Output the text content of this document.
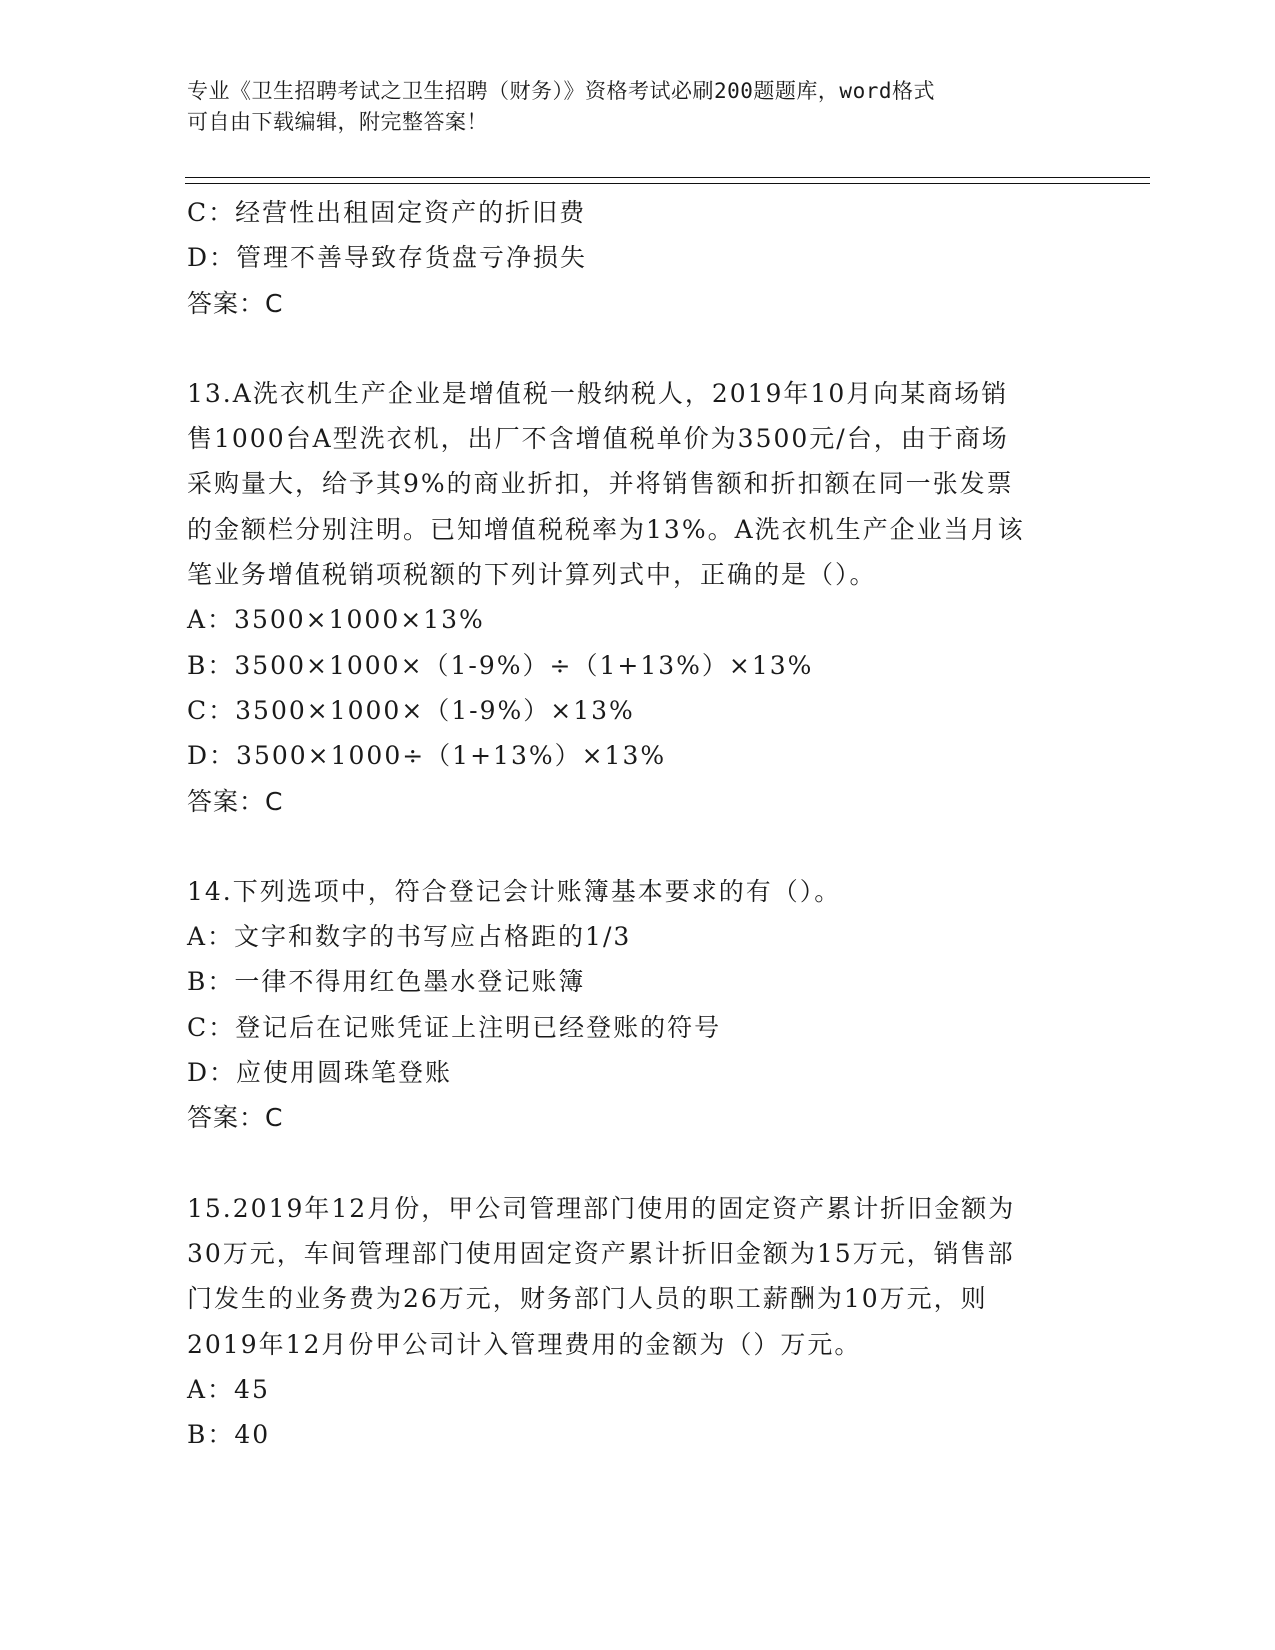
专业《卫生招聘考试之卫生招聘（财务）》资格考试必刷200题题库，word格式
可自由下载编辑，附完整答案！
C：经营性出租固定资产的折旧费
D：管理不善导致存货盘亏净损失
答案：C
13.A洗衣机生产企业是增值税一般纳税人，2019年10月向某商场销
售1000台A型洗衣机，出厂不含增值税单价为3500元/台，由于商场
采购量大，给予其9%的商业折扣，并将销售额和折扣额在同一张发票
的金额栏分别注明。已知增值税税率为13%。A洗衣机生产企业当月该
笔业务增值税销项税额的下列计算列式中，正确的是（）。
A：3500×1000×13%
B：3500×1000×（1-9%）÷（1+13%）×13%
C：3500×1000×（1-9%）×13%
D：3500×1000÷（1+13%）×13%
答案：C
14.下列选项中，符合登记会计账簿基本要求的有（）。
A：文字和数字的书写应占格距的1/3
B：一律不得用红色墨水登记账簿
C：登记后在记账凭证上注明已经登账的符号
D：应使用圆珠笔登账
答案：C
15.2019年12月份，甲公司管理部门使用的固定资产累计折旧金额为
30万元，车间管理部门使用固定资产累计折旧金额为15万元，销售部
门发生的业务费为26万元，财务部门人员的职工薪酬为10万元，则
2019年12月份甲公司计入管理费用的金额为（）万元。
A：45
B：40
